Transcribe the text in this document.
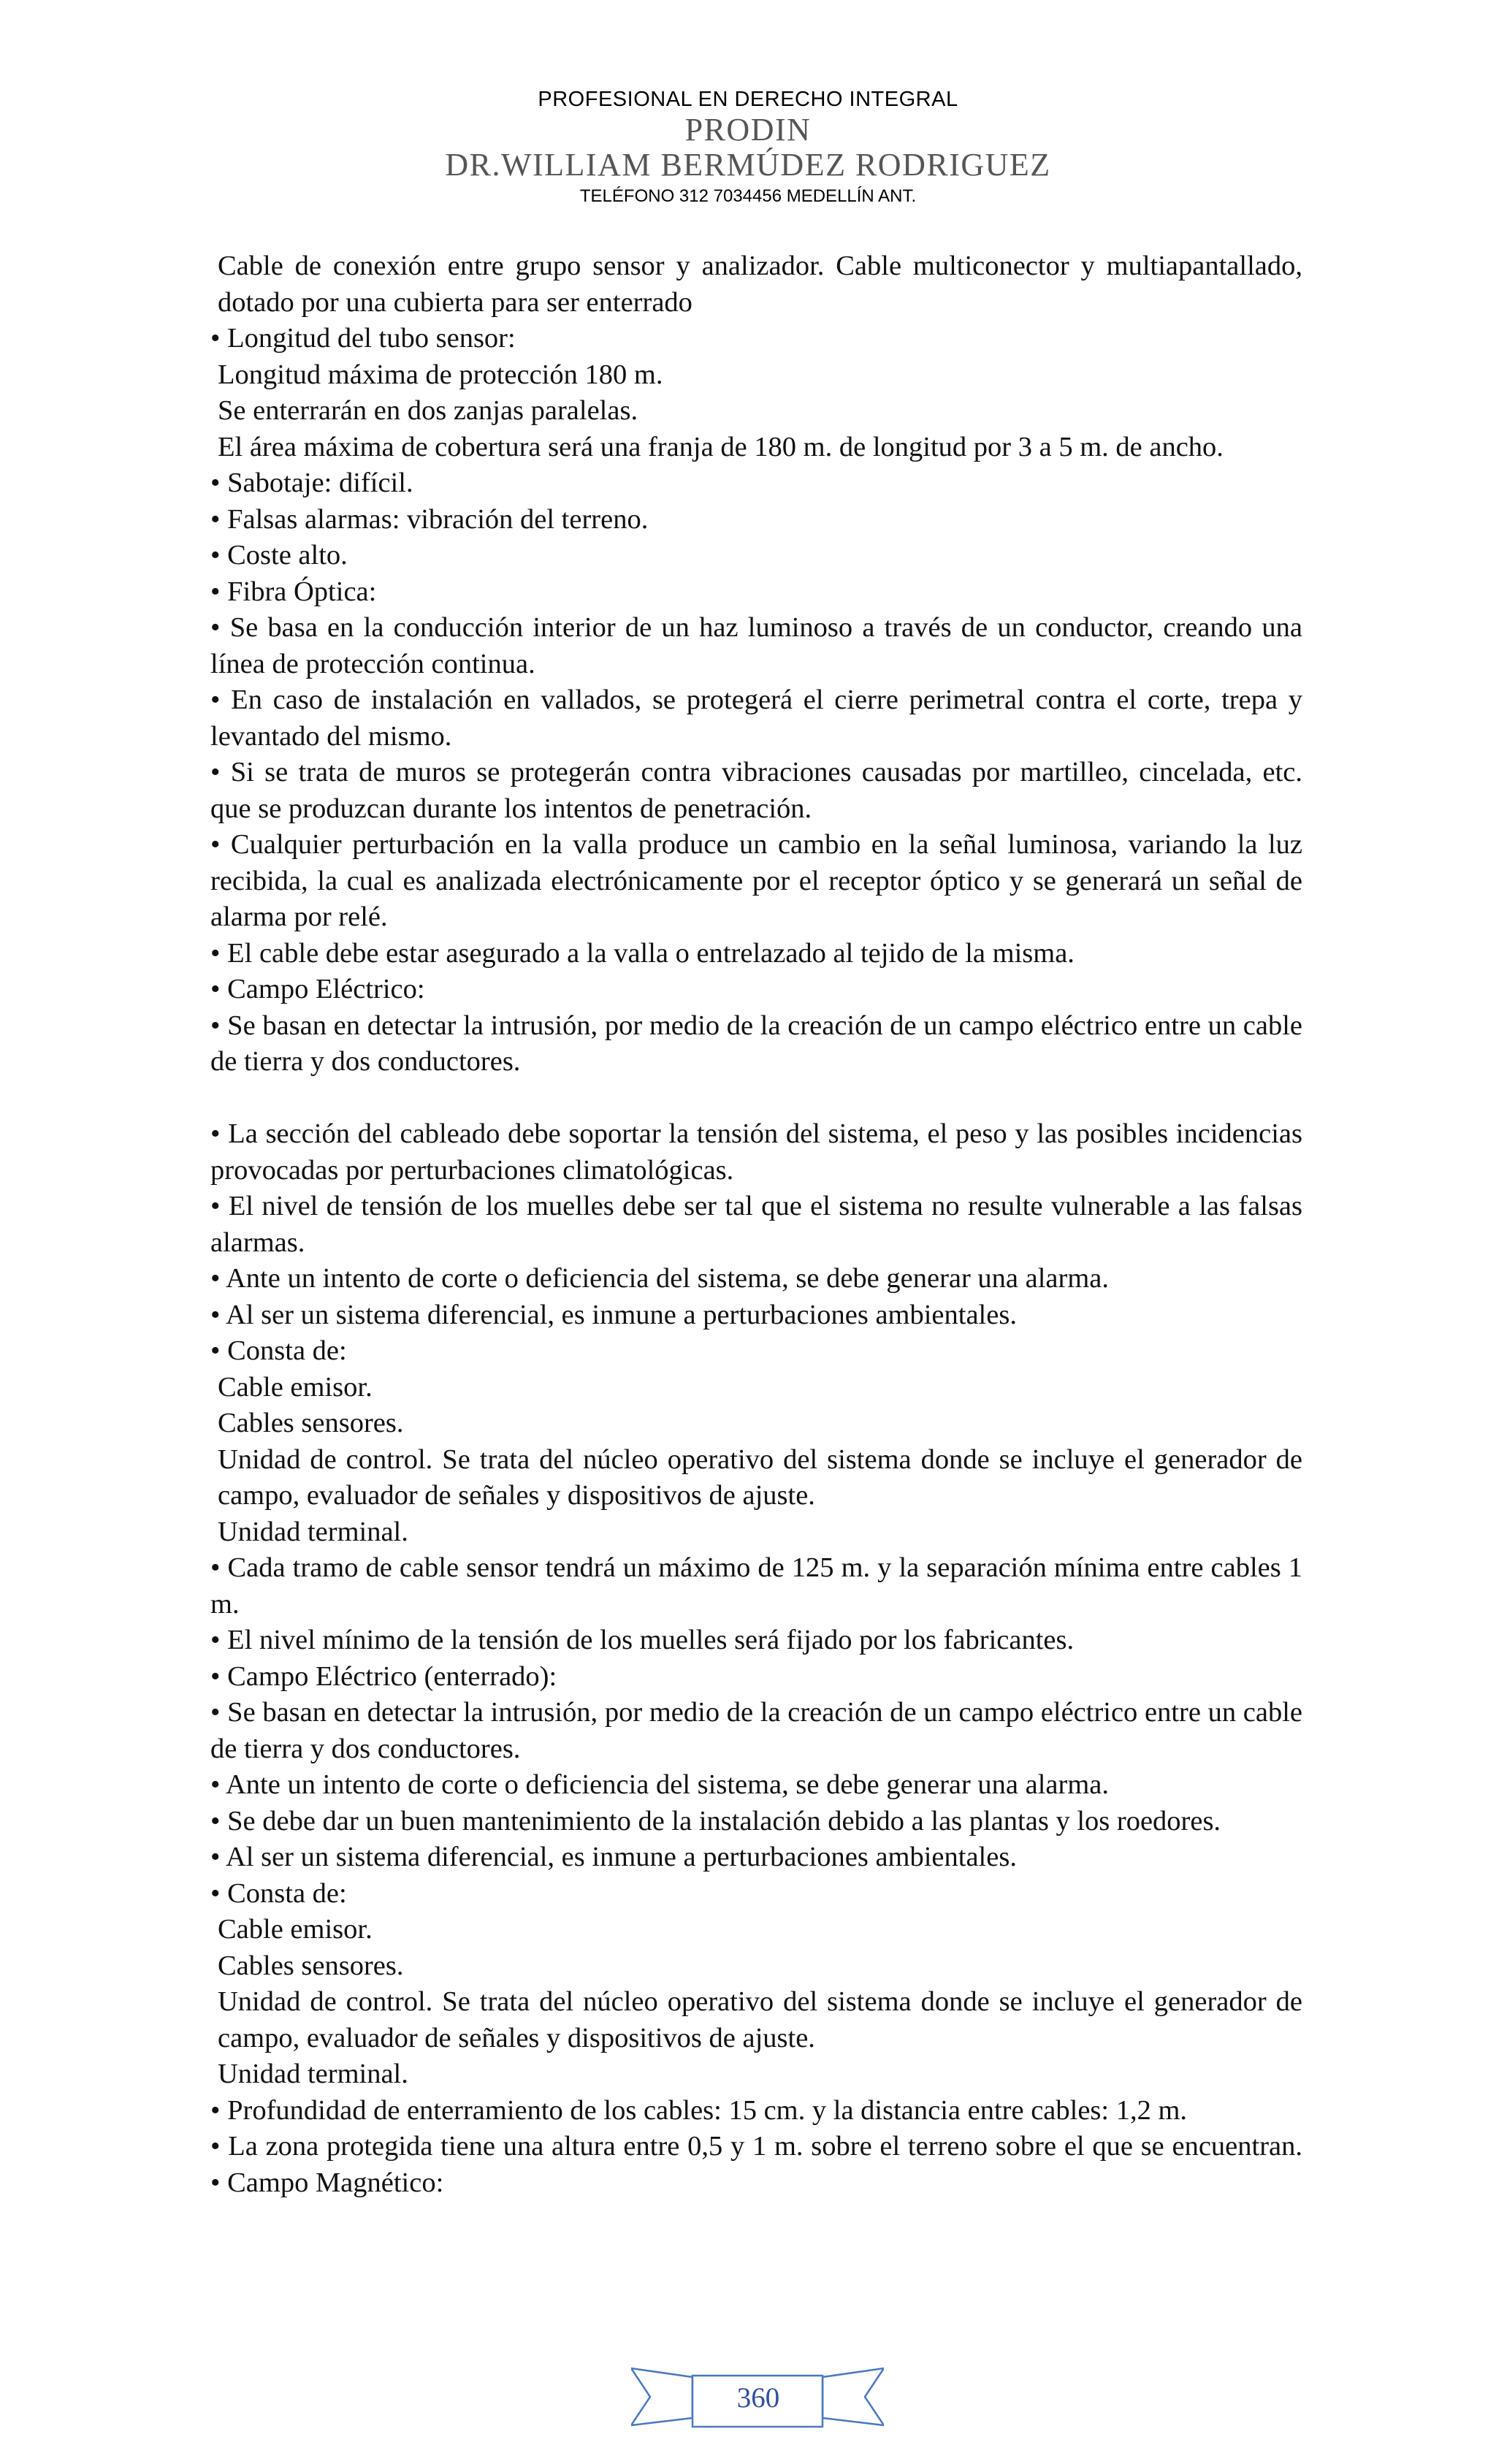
PROFESIONAL EN DERECHO INTEGRAL
PRODIN
DR.WILLIAM BERMÚDEZ RODRIGUEZ
TELÉFONO 312 7034456 MEDELLÍN ANT.

Cable de conexión entre grupo sensor y analizador. Cable multiconector y multiapantallado, dotado por una cubierta para ser enterrado

• Longitud del tubo sensor:

Longitud máxima de protección 180 m.

Se enterrarán en dos zanjas paralelas.

El área máxima de cobertura será una franja de 180 m. de longitud por 3 a 5 m. de ancho.

• Sabotaje: difícil.

• Falsas alarmas: vibración del terreno.

• Coste alto.

• Fibra Óptica:

• Se basa en la conducción interior de un haz luminoso a través de un conductor, creando una línea de protección continua.

• En caso de instalación en vallados, se protegerá el cierre perimetral contra el corte, trepa y levantado del mismo.

• Si se trata de muros se protegerán contra vibraciones causadas por martilleo, cincelada, etc. que se produzcan durante los intentos de penetración.

• Cualquier perturbación en la valla produce un cambio en la señal luminosa, variando la luz recibida, la cual es analizada electrónicamente por el receptor óptico y se generará un señal de alarma por relé.

• El cable debe estar asegurado a la valla o entrelazado al tejido de la misma.

• Campo Eléctrico:

• Se basan en detectar la intrusión, por medio de la creación de un campo eléctrico entre un cable de tierra y dos conductores.

• La sección del cableado debe soportar la tensión del sistema, el peso y las posibles incidencias provocadas por perturbaciones climatológicas.

• El nivel de tensión de los muelles debe ser tal que el sistema no resulte vulnerable a las falsas alarmas.

• Ante un intento de corte o deficiencia del sistema, se debe generar una alarma.

• Al ser un sistema diferencial, es inmune a perturbaciones ambientales.

• Consta de:

Cable emisor.

Cables sensores.

Unidad de control. Se trata del núcleo operativo del sistema donde se incluye el generador de campo, evaluador de señales y dispositivos de ajuste.

Unidad terminal.

• Cada tramo de cable sensor tendrá un máximo de 125 m. y la separación mínima entre cables 1 m.

• El nivel mínimo de la tensión de los muelles será fijado por los fabricantes.

• Campo Eléctrico (enterrado):

• Se basan en detectar la intrusión, por medio de la creación de un campo eléctrico entre un cable de tierra y dos conductores.

• Ante un intento de corte o deficiencia del sistema, se debe generar una alarma.

• Se debe dar un buen mantenimiento de la instalación debido a las plantas y los roedores.

• Al ser un sistema diferencial, es inmune a perturbaciones ambientales.

• Consta de:

Cable emisor.

Cables sensores.

Unidad de control. Se trata del núcleo operativo del sistema donde se incluye el generador de campo, evaluador de señales y dispositivos de ajuste.

Unidad terminal.

• Profundidad de enterramiento de los cables: 15 cm. y la distancia entre cables: 1,2 m.

• La zona protegida tiene una altura entre 0,5 y 1 m. sobre el terreno sobre el que se encuentran. • Campo Magnético:

360
